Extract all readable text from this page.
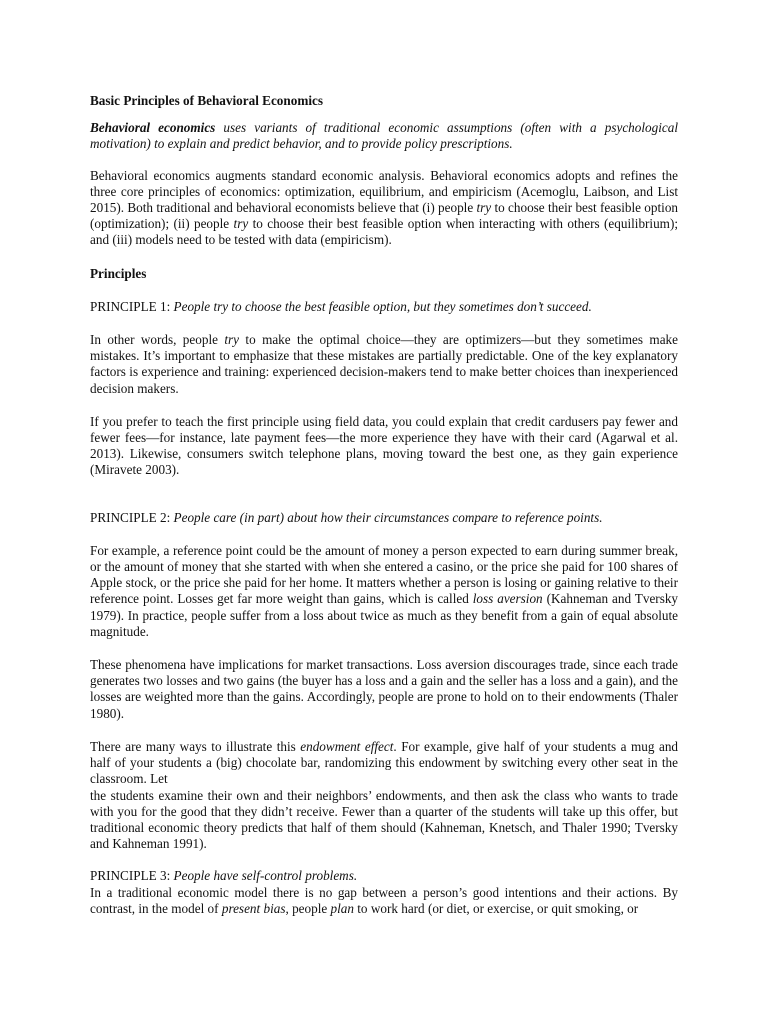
Basic Principles of Behavioral Economics

Behavioral economics uses variants of traditional economic assumptions (often with a psychological motivation) to explain and predict behavior, and to provide policy prescriptions.

Behavioral economics augments standard economic analysis. Behavioral economics adopts and refines the three core principles of economics: optimization, equilibrium, and empiricism (Acemoglu, Laibson, and List 2015). Both traditional and behavioral economists believe that (i) people try to choose their best feasible option (optimization); (ii) people try to choose their best feasible option when interacting with others (equilibrium); and (iii) models need to be tested with data (empiricism).

Principles

PRINCIPLE 1: People try to choose the best feasible option, but they sometimes don’t succeed.

In other words, people try to make the optimal choice—they are optimizers—but they sometimes make mistakes. It’s important to emphasize that these mistakes are partially predictable. One of the key explanatory factors is experience and training: experienced decision-makers tend to make better choices than inexperienced decision makers.

If you prefer to teach the first principle using field data, you could explain that credit cardusers pay fewer and fewer fees—for instance, late payment fees—the more experience they have with their card (Agarwal et al. 2013). Likewise, consumers switch telephone plans, moving toward the best one, as they gain experience (Miravete 2003).

PRINCIPLE 2: People care (in part) about how their circumstances compare to reference points.

For example, a reference point could be the amount of money a person expected to earn during summer break, or the amount of money that she started with when she entered a casino, or the price she paid for 100 shares of Apple stock, or the price she paid for her home. It matters whether a person is losing or gaining relative to their reference point. Losses get far more weight than gains, which is called loss aversion (Kahneman and Tversky 1979). In practice, people suffer from a loss about twice as much as they benefit from a gain of equal absolute magnitude.

These phenomena have implications for market transactions. Loss aversion discourages trade, since each trade generates two losses and two gains (the buyer has a loss and a gain and the seller has a loss and a gain), and the losses are weighted more than the gains. Accordingly, people are prone to hold on to their endowments (Thaler 1980).

There are many ways to illustrate this endowment effect. For example, give half of your students a mug and half of your students a (big) chocolate bar, randomizing this endowment by switching every other seat in the classroom. Let

the students examine their own and their neighbors’ endowments, and then ask the class who wants to trade with you for the good that they didn’t receive. Fewer than a quarter of the students will take up this offer, but traditional economic theory predicts that half of them should (Kahneman, Knetsch, and Thaler 1990; Tversky and Kahneman 1991).

PRINCIPLE 3: People have self-control problems.

In a traditional economic model there is no gap between a person’s good intentions and their actions. By contrast, in the model of present bias, people plan to work hard (or diet, or exercise, or quit smoking, or
